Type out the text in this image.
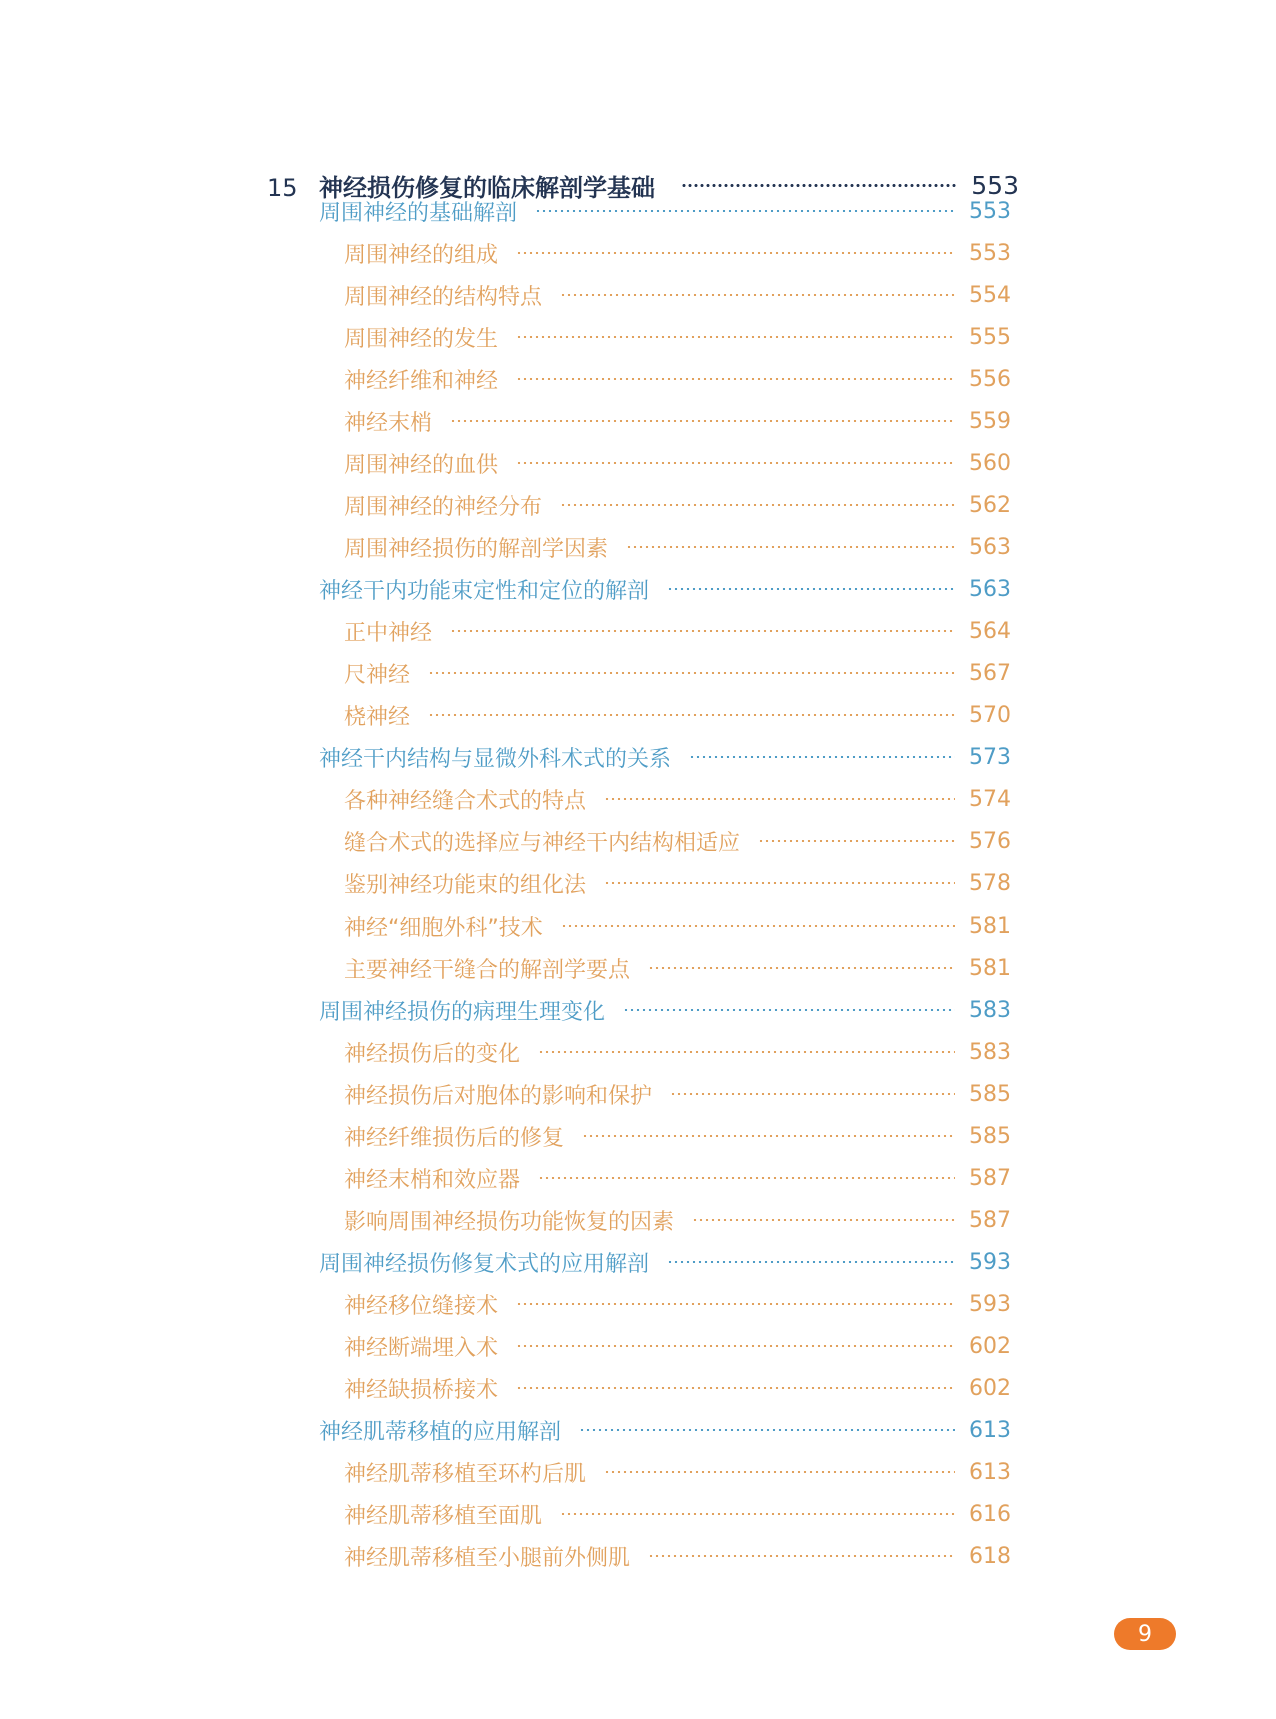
15 神经损伤修复的临床解剖学基础	553
周围神经的基础解剖	553
周围神经的组成	553
周围神经的结构特点	554
周围神经的发生	555
神经纤维和神经	556
神经末梢	559
周围神经的血供	560
周围神经的神经分布	562
周围神经损伤的解剖学因素	563
神经干内功能束定性和定位的解剖	563
正中神经	564
尺神经	567
桡神经	570
神经干内结构与显微外科术式的关系	573
各种神经缝合术式的特点	574
缝合术式的选择应与神经干内结构相适应	576
鉴别神经功能束的组化法	578
神经“细胞外科”技术	581
主要神经干缝合的解剖学要点	581
周围神经损伤的病理生理变化	583
神经损伤后的变化	583
神经损伤后对胞体的影响和保护	585
神经纤维损伤后的修复	585
神经末梢和效应器	587
影响周围神经损伤功能恢复的因素	587
周围神经损伤修复术式的应用解剖	593
神经移位缝接术	593
神经断端埋入术	602
神经缺损桥接术	602
神经肌蒂移植的应用解剖	613
神经肌蒂移植至环杓后肌	613
神经肌蒂移植至面肌	616
神经肌蒂移植至小腿前外侧肌	618
9
